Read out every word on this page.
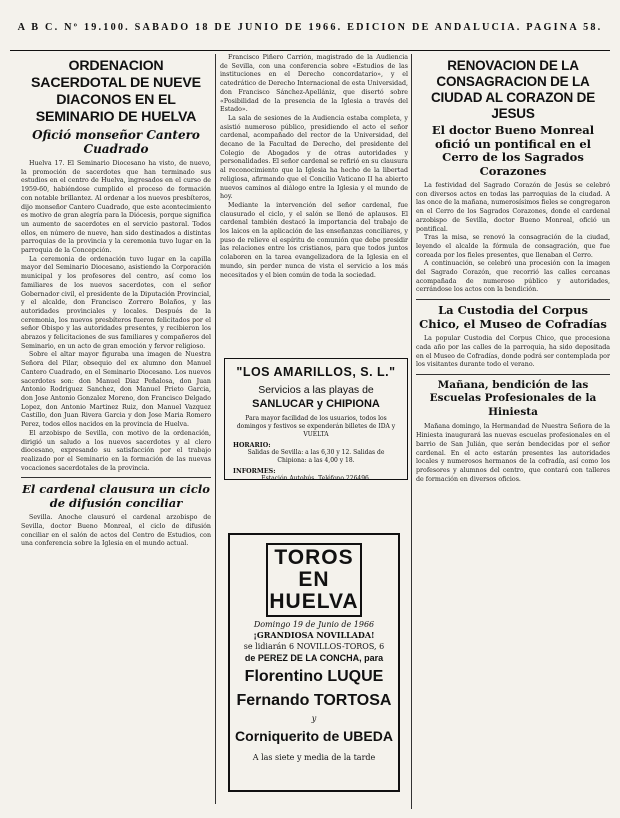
A B C. Nº 19.100. SABADO 18 DE JUNIO DE 1966. EDICION DE ANDALUCIA. PAGINA 58.
ORDENACION SACERDOTAL DE NUEVE DIACONOS EN EL SEMINARIO DE HUELVA
Ofició monseñor Cantero Cuadrado

Huelva 17. El Seminario Diocesano ha visto, de nuevo, la promoción de sacerdotes que han terminado sus estudios en el centro de Huelva, ingresados en el curso de 1959-60, habiéndose cumplido el proceso de formación con notable brillantez. Al ordenar a los nuevos presbíteros, dijo monseñor Cantero Cuadrado, que este acontecimiento es motivo de gran alegría para la Diócesis, porque significa un aumento de sacerdotes en el servicio pastoral. Todos ellos, en número de nueve, han sido destinados a distintas parroquias de la provincia y la ceremonia tuvo lugar en la parroquia de la Concepción.

La ceremonia de ordenación tuvo lugar en la capilla mayor del Seminario Diocesano, asistiendo la Corporación municipal y los profesores del centro, así como los familiares de los nuevos sacerdotes, con el señor Gobernador civil, el presidente de la Diputación Provincial, y el alcalde, don Francisco Zorrero Bolaños, y las autoridades provinciales y locales. Después de la ceremonia, los nuevos presbíteros fueron felicitados por el señor Obispo y las autoridades presentes, y recibieron los abrazos y felicitaciones de sus familiares y compañeros del Seminario, en un acto de gran emoción y fervor religioso.

Sobre el altar mayor figuraba una imagen de Nuestra Señora del Pilar, obsequio del ex alumno don Manuel Cantero Cuadrado, en el Seminario Diocesano. Los nuevos sacerdotes son: don Manuel Diaz Peñalosa, don Juan Antonio Rodriguez Sanchez, don Manuel Prieto Garcia, don Jose Antonio Gonzalez Moreno, don Francisco Delgado Lopez, don Antonio Martinez Ruiz, don Manuel Vazquez Castillo, don Juan Rivera Garcia y don Jose Maria Romero Perez, todos ellos nacidos en la provincia de Huelva.

El arzobispo de Sevilla, con motivo de la ordenación, dirigió un saludo a los nuevos sacerdotes y al clero diocesano, expresando su satisfacción por el trabajo realizado por el Seminario en la formación de las nuevas vocaciones sacerdotales de la provincia.

El cardenal clausura un ciclo de difusión conciliar

Sevilla. Anoche clausuró el cardenal arzobispo de Sevilla, doctor Bueno Monreal, el ciclo de difusión conciliar en el salón de actos del Centro de Estudios, con una conferencia sobre la Iglesia en el mundo actual.

Francisco Piñero Carrión, magistrado de la Audiencia de Sevilla, con una conferencia sobre «Estudios de las instituciones en el Derecho concordatario», y el catedrático de Derecho Internacional de esta Universidad, don Francisco Sánchez-Apellániz, que disertó sobre «Posibilidad de la presencia de la Iglesia a través del Estado».

La sala de sesiones de la Audiencia estaba completa, y asistió numeroso público, presidiendo el acto el señor cardenal, acompañado del rector de la Universidad, del decano de la Facultad de Derecho, del presidente del Colegio de Abogados y de otras autoridades y personalidades. El señor cardenal se refirió en su clausura al reconocimiento que la Iglesia ha hecho de la libertad religiosa, afirmando que el Concilio Vaticano II ha abierto nuevos caminos al diálogo entre la Iglesia y el mundo de hoy.

Mediante la intervención del señor cardenal, fue clausurado el ciclo, y el salón se llenó de aplausos. El cardenal también destacó la importancia del trabajo de los laicos en la aplicación de las enseñanzas conciliares, y puso de relieve el espíritu de comunión que debe presidir las relaciones entre los cristianos, para que todos juntos colaboren en la tarea evangelizadora de la Iglesia en el mundo, sin perder nunca de vista el servicio a los más necesitados y el bien común de toda la sociedad.

"LOS AMARILLOS, S. L."
Servicios a las playas de
SANLUCAR y CHIPIONA
Para mayor facilidad de los usuarios, todos los domingos y festivos se expenderán billetes de IDA y VUELTA
HORARIO:
Salidas de Sevilla: a las 6,30 y 12. Salidas de Chipiona: a las 4,00 y 18.
INFORMES:
Estación Autobús. Teléfono 226496.
TOROS EN HUELVA
Domingo 19 de Junio de 1966
¡GRANDIOSA NOVILLADA!
se lidiarán 6 NOVILLOS-TOROS, 6
de PEREZ DE LA CONCHA, para
Florentino LUQUE
Fernando TORTOSA
y
Corniquerito de UBEDA
A las siete y media de la tarde
RENOVACION DE LA CONSAGRACION DE LA CIUDAD AL CORAZON DE JESUS
El doctor Bueno Monreal ofició un pontifical en el Cerro de los Sagrados Corazones

La festividad del Sagrado Corazón de Jesús se celebró con diversos actos en todas las parroquias de la ciudad. A las once de la mañana, numerosísimos fieles se congregaron en el Cerro de los Sagrados Corazones, donde el cardenal arzobispo de Sevilla, doctor Bueno Monreal, ofició un pontifical.

Tras la misa, se renovó la consagración de la ciudad, leyendo el alcalde la fórmula de consagración, que fue coreada por los fieles presentes, que llenaban el Cerro.

A continuación, se celebró una procesión con la imagen del Sagrado Corazón, que recorrió las calles cercanas acompañada de numeroso público y autoridades, cerrándose los actos con la bendición.

La Custodia del Corpus Chico, el Museo de Cofradías

La popular Custodia del Corpus Chico, que procesiona cada año por las calles de la parroquia, ha sido depositada en el Museo de Cofradías, donde podrá ser contemplada por los visitantes durante todo el verano.

Mañana, bendición de las Escuelas Profesionales de la Hiniesta

Mañana domingo, la Hermandad de Nuestra Señora de la Hiniesta inaugurará las nuevas escuelas profesionales en el barrio de San Julián, que serán bendecidas por el señor cardenal. En el acto estarán presentes las autoridades locales y numerosos hermanos de la cofradía, así como los profesores y alumnos del centro, que contará con talleres de formación en diversos oficios.
